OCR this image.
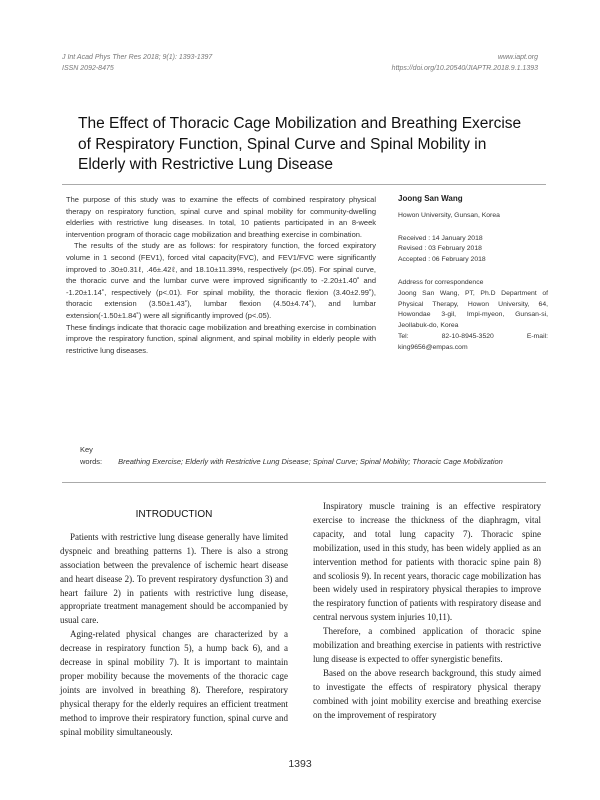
J Int Acad Phys Ther Res 2018; 9(1): 1393-1397
ISSN 2092-8475
www.iapt.org
https://doi.org/10.20540/JIAPTR.2018.9.1.1393
The Effect of Thoracic Cage Mobilization and Breathing Exercise of Respiratory Function, Spinal Curve and Spinal Mobility in Elderly with Restrictive Lung Disease

The purpose of this study was to examine the effects of combined respiratory physical therapy on respiratory function, spinal curve and spinal mobility for community-dwelling elderlies with restrictive lung diseases. In total, 10 patients participated in an 8-week intervention program of thoracic cage mobilization and breathing exercise in combination.

The results of the study are as follows: for respiratory function, the forced expiratory volume in 1 second (FEV1), forced vital capacity(FVC), and FEV1/FVC were significantly improved to .30±0.31ℓ, .46±.42ℓ, and 18.10±11.39%, respectively (p<.05). For spinal curve, the thoracic curve and the lumbar curve were improved significantly to -2.20±1.40˚ and -1.20±1.14˚, respectively (p<.01). For spinal mobility, the thoracic flexion (3.40±2.99˚), thoracic extension (3.50±1.43˚), lumbar flexion (4.50±4.74˚), and lumbar extension(-1.50±1.84˚) were all significantly improved (p<.05).

These findings indicate that thoracic cage mobilization and breathing exercise in combination improve the respiratory function, spinal alignment, and spinal mobility in elderly people with restrictive lung diseases.

Joong San Wang
Howon University, Gunsan, Korea
Received : 14 January 2018
Revised : 03 February 2018
Accepted : 06 February 2018
Address for correspondence
Joong San Wang, PT, Ph.D Department of Physical Therapy, Howon University, 64, Howondae 3-gil, Impi-myeon, Gunsan-si, Jeollabuk-do, Korea
Tel: 82-10-8945-3520 E-mail: king9656@empas.com
Key words: Breathing Exercise; Elderly with Restrictive Lung Disease; Spinal Curve; Spinal Mobility; Thoracic Cage Mobilization
INTRODUCTION

Patients with restrictive lung disease generally have limited dyspneic and breathing patterns 1). There is also a strong association between the prevalence of ischemic heart disease and heart disease 2). To prevent respiratory dysfunction 3) and heart failure 2) in patients with restrictive lung disease, appropriate treatment management should be accompanied by usual care.

Aging-related physical changes are characterized by a decrease in respiratory function 5), a hump back 6), and a decrease in spinal mobility 7). It is important to maintain proper mobility because the movements of the thoracic cage joints are involved in breathing 8). Therefore, respiratory physical therapy for the elderly requires an efficient treatment method to improve their respiratory function, spinal curve and spinal mobility simultaneously.

Inspiratory muscle training is an effective respiratory exercise to increase the thickness of the diaphragm, vital capacity, and total lung capacity 7). Thoracic spine mobilization, used in this study, has been widely applied as an intervention method for patients with thoracic spine pain 8) and scoliosis 9). In recent years, thoracic cage mobilization has been widely used in respiratory physical therapies to improve the respiratory function of patients with respiratory disease and central nervous system injuries 10,11).

Therefore, a combined application of thoracic spine mobilization and breathing exercise in patients with restrictive lung disease is expected to offer synergistic benefits.

Based on the above research background, this study aimed to investigate the effects of respiratory physical therapy combined with joint mobility exercise and breathing exercise on the improvement of respiratory

1393
